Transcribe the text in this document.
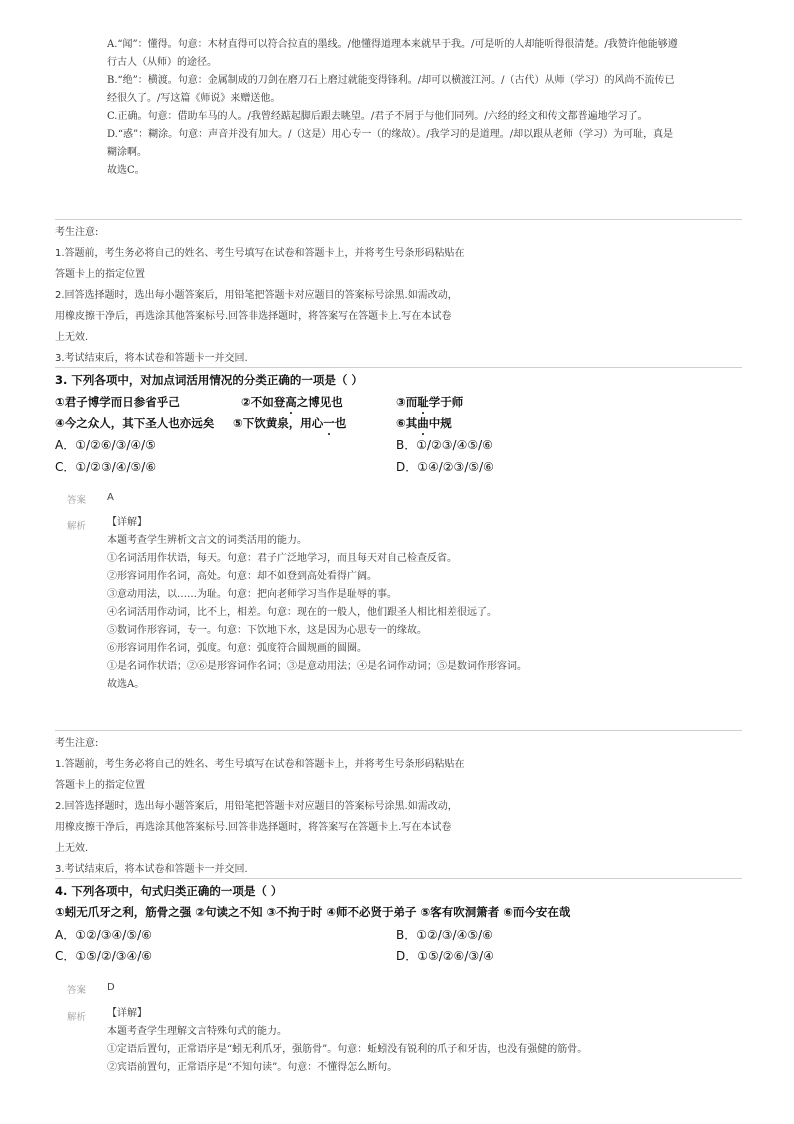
A.“闻”：懂得。句意：木材直得可以符合拉直的墨线。/他懂得道理本来就早于我。/可是听的人却能听得很清楚。/我赞许他能够遵

行古人（从师）的途径。

B.“绝”：横渡。句意：金属制成的刀剑在磨刀石上磨过就能变得锋利。/却可以横渡江河。/（古代）从师（学习）的风尚不流传已

经很久了。/写这篇《师说》来赠送他。

C.正确。句意：借助车马的人。/我曾经踮起脚后跟去眺望。/君子不屑于与他们同列。/六经的经文和传文都普遍地学习了。

D.“惑”：糊涂。句意：声音并没有加大。/（这是）用心专一（的缘故）。/我学习的是道理。/却以跟从老师（学习）为可耻，真是

糊涂啊。

故选C。

考生注意:

1.答题前，考生务必将自己的姓名、考生号填写在试卷和答题卡上，并将考生号条形码粘贴在

答题卡上的指定位置

2.回答选择题时，选出每小题答案后，用铅笔把答题卡对应题目的答案标号涂黑.如需改动，

用橡皮擦干净后，再选涂其他答案标号.回答非选择题时，将答案写在答题卡上.写在本试卷

上无效.

3.考试结束后，将本试卷和答题卡一并交回.

3. 下列各项中，对加点词活用情况的分类正确的一项是（ ）
①君子博学而日参省乎己	②不如登高之博见也	③而耻学于师
④今之众人，其下圣人也亦远矣 ⑤下饮黄泉，用心一也	⑥其曲中规
A．①/②⑥/③/④/⑤	B．①/②③/④⑤/⑥
C．①/②③/④/⑤/⑥	D．①④/②③/⑤/⑥
答案 A
解析 【详解】

本题考查学生辨析文言文的词类活用的能力。

①名词活用作状语，每天。句意：君子广泛地学习，而且每天对自己检查反省。

②形容词用作名词，高处。句意：却不如登到高处看得广阔。

③意动用法，以……为耻。句意：把向老师学习当作是耻辱的事。

④名词活用作动词，比不上，相差。句意：现在的一般人，他们跟圣人相比相差很远了。

⑤数词作形容词，专一。句意：下饮地下水，这是因为心思专一的缘故。

⑥形容词用作名词，弧度。句意：弧度符合圆规画的圆圈。

①是名词作状语；②⑥是形容词作名词；③是意动用法；④是名词作动词；⑤是数词作形容词。

故选A。

考生注意:

1.答题前，考生务必将自己的姓名、考生号填写在试卷和答题卡上，并将考生号条形码粘贴在

答题卡上的指定位置

2.回答选择题时，选出每小题答案后，用铅笔把答题卡对应题目的答案标号涂黑.如需改动，

用橡皮擦干净后，再选涂其他答案标号.回答非选择题时，将答案写在答题卡上.写在本试卷

上无效.

3.考试结束后，将本试卷和答题卡一并交回.

4. 下列各项中，句式归类正确的一项是（ ）
①蚓无爪牙之利，筋骨之强 ②句读之不知 ③不拘于时 ④师不必贤于弟子 ⑤客有吹洞箫者 ⑥而今安在哉
A．①②/③④/⑤/⑥	B．①②/③/④⑤/⑥
C．①⑤/②/③④/⑥	D．①⑤/②⑥/③/④
答案 D
解析 【详解】

本题考查学生理解文言特殊句式的能力。

①定语后置句，正常语序是“蚓无利爪牙，强筋骨”。句意：蚯蚓没有锐利的爪子和牙齿，也没有强健的筋骨。

②宾语前置句，正常语序是“不知句读”。句意：不懂得怎么断句。
